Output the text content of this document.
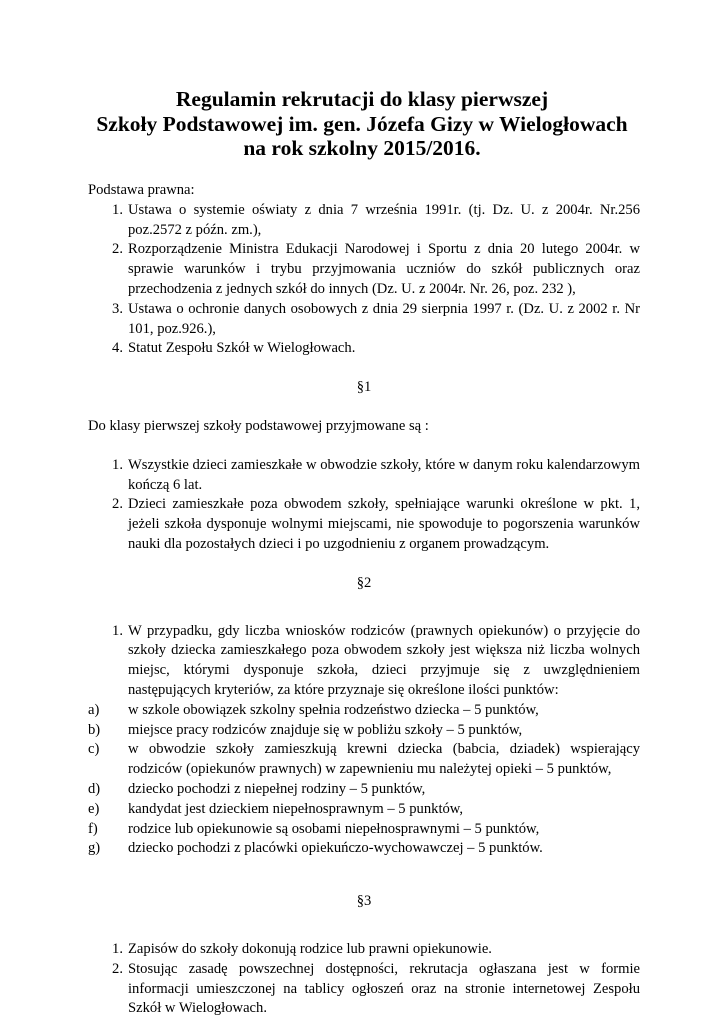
Regulamin rekrutacji do klasy pierwszej
Szkoły Podstawowej im. gen. Józefa Gizy w Wielogłowach
na rok szkolny 2015/2016.

Podstawa prawna:

1. Ustawa o systemie oświaty z dnia 7 września 1991r. (tj. Dz. U. z 2004r. Nr.256 poz.2572 z późn. zm.),
2. Rozporządzenie Ministra Edukacji Narodowej i Sportu z dnia 20 lutego 2004r. w sprawie warunków i trybu przyjmowania uczniów do szkół publicznych oraz przechodzenia z jednych szkół do innych (Dz. U. z 2004r. Nr. 26, poz. 232 ),
3. Ustawa o ochronie danych osobowych z dnia 29 sierpnia 1997 r. (Dz. U. z 2002 r. Nr 101, poz.926.),
4. Statut Zespołu Szkół w Wielogłowach.
§1

Do klasy pierwszej szkoły podstawowej przyjmowane są :

1. Wszystkie dzieci zamieszkałe w obwodzie szkoły, które w danym roku kalendarzowym kończą 6 lat.
2. Dzieci zamieszkałe poza obwodem szkoły, spełniające warunki określone w pkt. 1, jeżeli szkoła dysponuje wolnymi miejscami, nie spowoduje to pogorszenia warunków nauki dla pozostałych dzieci i po uzgodnieniu z organem prowadzącym.
§2
1. W przypadku, gdy liczba wniosków rodziców (prawnych opiekunów) o przyjęcie do szkoły dziecka zamieszkałego poza obwodem szkoły jest większa niż liczba wolnych miejsc, którymi dysponuje szkoła, dzieci przyjmuje się z uwzględnieniem następujących kryteriów, za które przyznaje się określone ilości punktów:
a) w szkole obowiązek szkolny spełnia rodzeństwo dziecka – 5 punktów,
b) miejsce pracy rodziców znajduje się w pobliżu szkoły – 5 punktów,
c) w obwodzie szkoły zamieszkują krewni dziecka (babcia, dziadek) wspierający rodziców (opiekunów prawnych) w zapewnieniu mu należytej opieki – 5 punktów,
d) dziecko pochodzi z niepełnej rodziny – 5 punktów,
e) kandydat jest dzieckiem niepełnosprawnym – 5 punktów,
f) rodzice lub opiekunowie są osobami niepełnosprawnymi – 5 punktów,
g) dziecko pochodzi z placówki opiekuńczo-wychowawczej – 5 punktów.
§3
1. Zapisów do szkoły dokonują rodzice lub prawni opiekunowie.
2. Stosując zasadę powszechnej dostępności, rekrutacja ogłaszana jest w formie informacji umieszczonej na tablicy ogłoszeń oraz na stronie internetowej Zespołu Szkół w Wielogłowach.
